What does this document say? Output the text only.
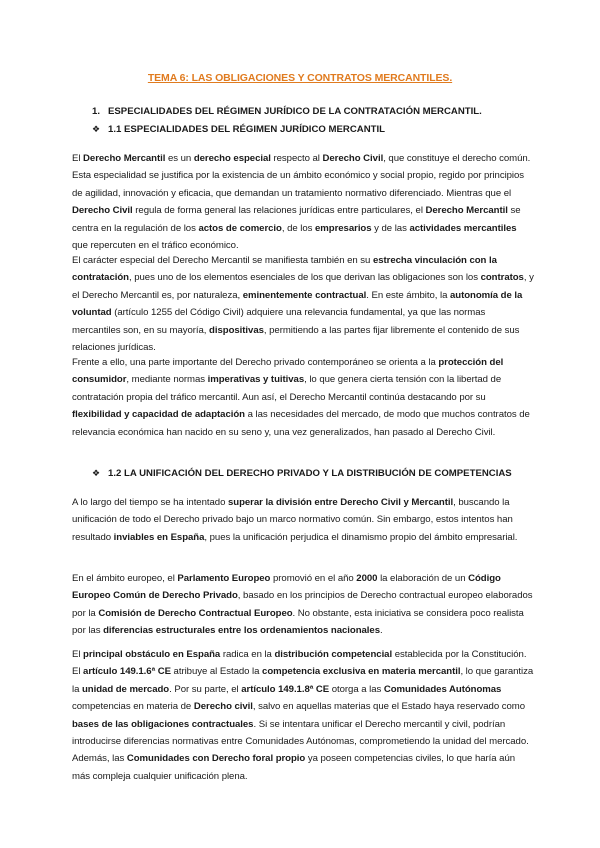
TEMA 6: LAS OBLIGACIONES Y CONTRATOS MERCANTILES.
1. ESPECIALIDADES DEL RÉGIMEN JURÍDICO DE LA CONTRATACIÓN MERCANTIL.
❖ 1.1 ESPECIALIDADES DEL RÉGIMEN JURÍDICO MERCANTIL
El Derecho Mercantil es un derecho especial respecto al Derecho Civil, que constituye el derecho común. Esta especialidad se justifica por la existencia de un ámbito económico y social propio, regido por principios de agilidad, innovación y eficacia, que demandan un tratamiento normativo diferenciado. Mientras que el Derecho Civil regula de forma general las relaciones jurídicas entre particulares, el Derecho Mercantil se centra en la regulación de los actos de comercio, de los empresarios y de las actividades mercantiles que repercuten en el tráfico económico.
El carácter especial del Derecho Mercantil se manifiesta también en su estrecha vinculación con la contratación, pues uno de los elementos esenciales de los que derivan las obligaciones son los contratos, y el Derecho Mercantil es, por naturaleza, eminentemente contractual. En este ámbito, la autonomía de la voluntad (artículo 1255 del Código Civil) adquiere una relevancia fundamental, ya que las normas mercantiles son, en su mayoría, dispositivas, permitiendo a las partes fijar libremente el contenido de sus relaciones jurídicas.
Frente a ello, una parte importante del Derecho privado contemporáneo se orienta a la protección del consumidor, mediante normas imperativas y tuitivas, lo que genera cierta tensión con la libertad de contratación propia del tráfico mercantil. Aun así, el Derecho Mercantil continúa destacando por su flexibilidad y capacidad de adaptación a las necesidades del mercado, de modo que muchos contratos de relevancia económica han nacido en su seno y, una vez generalizados, han pasado al Derecho Civil.
❖ 1.2 LA UNIFICACIÓN DEL DERECHO PRIVADO Y LA DISTRIBUCIÓN DE COMPETENCIAS
A lo largo del tiempo se ha intentado superar la división entre Derecho Civil y Mercantil, buscando la unificación de todo el Derecho privado bajo un marco normativo común. Sin embargo, estos intentos han resultado inviables en España, pues la unificación perjudica el dinamismo propio del ámbito empresarial.
En el ámbito europeo, el Parlamento Europeo promovió en el año 2000 la elaboración de un Código Europeo Común de Derecho Privado, basado en los principios de Derecho contractual europeo elaborados por la Comisión de Derecho Contractual Europeo. No obstante, esta iniciativa se considera poco realista por las diferencias estructurales entre los ordenamientos nacionales.
El principal obstáculo en España radica en la distribución competencial establecida por la Constitución. El artículo 149.1.6ª CE atribuye al Estado la competencia exclusiva en materia mercantil, lo que garantiza la unidad de mercado. Por su parte, el artículo 149.1.8ª CE otorga a las Comunidades Autónomas competencias en materia de Derecho civil, salvo en aquellas materias que el Estado haya reservado como bases de las obligaciones contractuales. Si se intentara unificar el Derecho mercantil y civil, podrían introducirse diferencias normativas entre Comunidades Autónomas, comprometiendo la unidad del mercado. Además, las Comunidades con Derecho foral propio ya poseen competencias civiles, lo que haría aún más compleja cualquier unificación plena.
